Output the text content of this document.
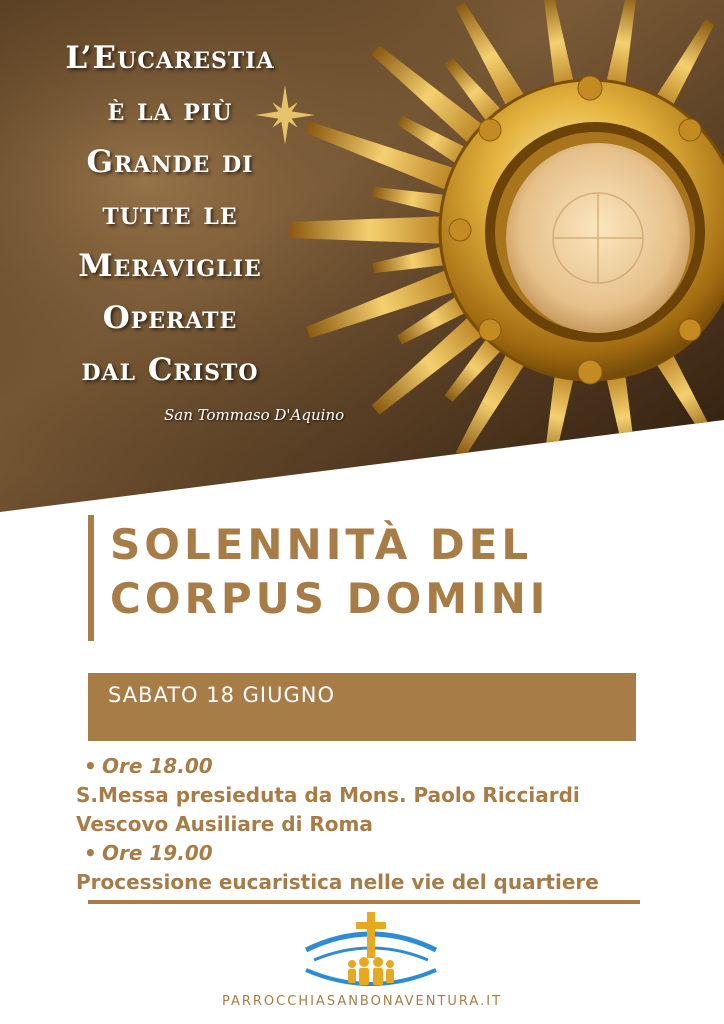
L’Eucarestia
è la più
Grande di
tutte le
Meraviglie
Operate
dal Cristo
San Tommaso D'Aquino
SOLENNITÀ DEL
CORPUS DOMINI
SABATO 18 GIUGNO
• Ore 18.00
S.Messa presieduta da Mons. Paolo Ricciardi
Vescovo Ausiliare di Roma
• Ore 19.00
Processione eucaristica nelle vie del quartiere
PARROCCHIASANBONAVENTURA.IT
